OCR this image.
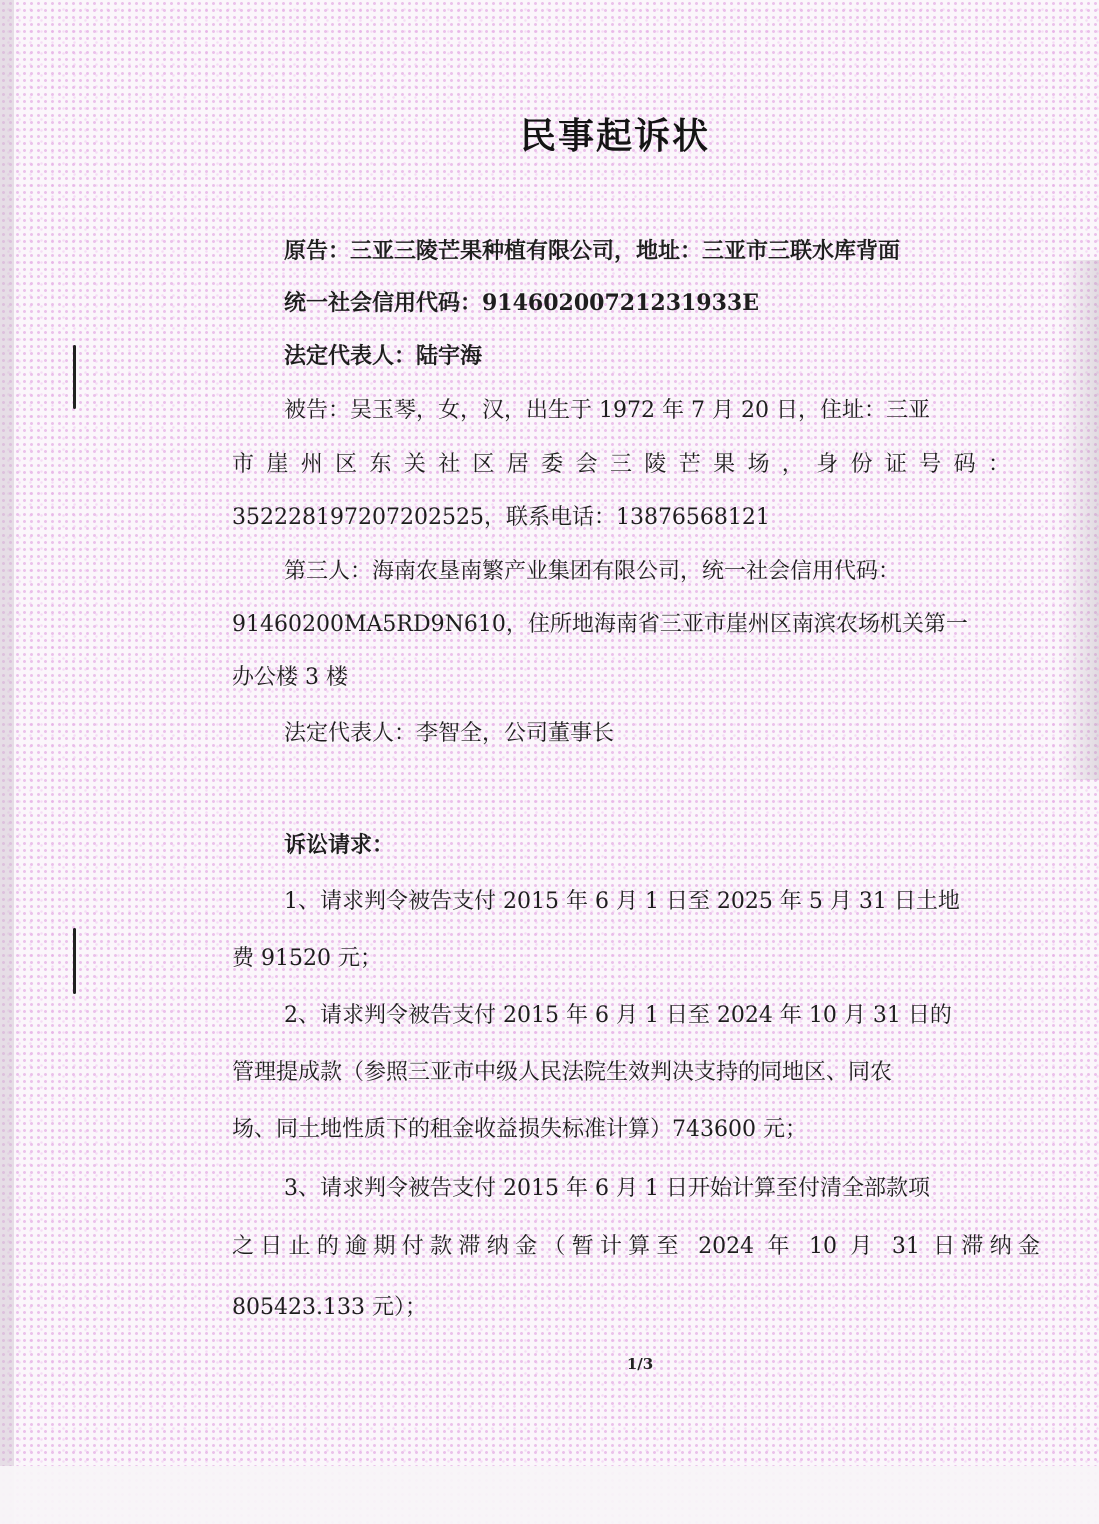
民事起诉状

原告：三亚三陵芒果种植有限公司，地址：三亚市三联水库背面

统一社会信用代码：91460200721231933E

法定代表人：陆宇海

被告：吴玉琴，女，汉，出生于 1972 年 7 月 20 日，住址：三亚

市崖州区东关社区居委会三陵芒果场，身份证号码：

352228197207202525，联系电话：13876568121

第三人：海南农垦南繁产业集团有限公司，统一社会信用代码：

91460200MA5RD9N610，住所地海南省三亚市崖州区南滨农场机关第一

办公楼 3 楼

法定代表人：李智全，公司董事长

诉讼请求：

1、请求判令被告支付 2015 年 6 月 1 日至 2025 年 5 月 31 日土地

费 91520 元；

2、请求判令被告支付 2015 年 6 月 1 日至 2024 年 10 月 31 日的

管理提成款（参照三亚市中级人民法院生效判决支持的同地区、同农

场、同土地性质下的租金收益损失标准计算）743600 元；

3、请求判令被告支付 2015 年 6 月 1 日开始计算至付清全部款项

之日止的逾期付款滞纳金（暂计算至 2024 年 10 月 31 日滞纳金

805423.133 元）；

1/3
